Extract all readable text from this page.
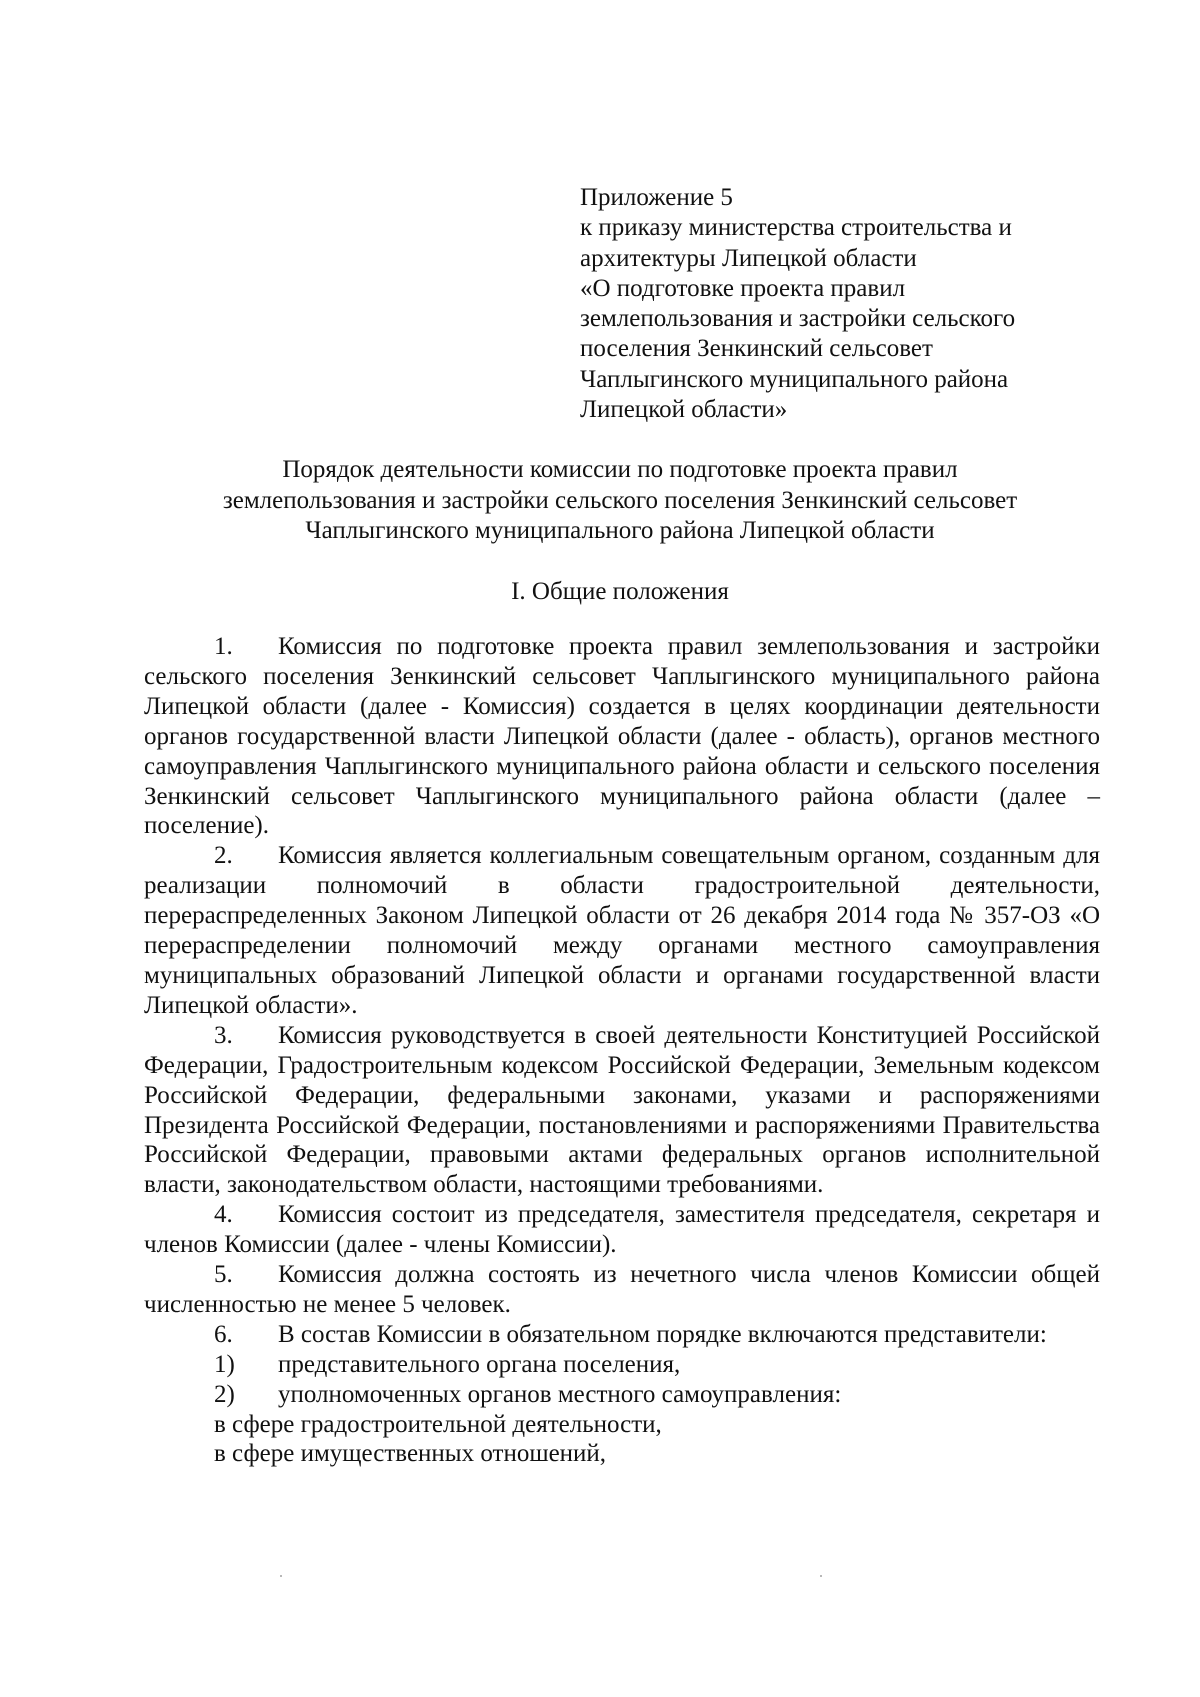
Приложение 5
к приказу министерства строительства и
архитектуры Липецкой области
«О подготовке проекта правил
землепользования и застройки сельского
поселения Зенкинский сельсовет
Чаплыгинского муниципального района
Липецкой области»
Порядок деятельности комиссии по подготовке проекта правил
землепользования и застройки сельского поселения Зенкинский сельсовет
Чаплыгинского муниципального района Липецкой области
I. Общие положения

1. Комиссия по подготовке проекта правил землепользования и застройки сельского поселения Зенкинский сельсовет Чаплыгинского муниципального района Липецкой области (далее - Комиссия) создается в целях координации деятельности органов государственной власти Липецкой области (далее - область), органов местного самоуправления Чаплыгинского муниципального района области и сельского поселения Зенкинский сельсовет Чаплыгинского муниципального района области (далее – поселение).

2. Комиссия является коллегиальным совещательным органом, созданным для реализации полномочий в области градостроительной деятельности, перераспределенных Законом Липецкой области от 26 декабря 2014 года № 357-ОЗ «О перераспределении полномочий между органами местного самоуправления муниципальных образований Липецкой области и органами государственной власти Липецкой области».

3. Комиссия руководствуется в своей деятельности Конституцией Российской Федерации, Градостроительным кодексом Российской Федерации, Земельным кодексом Российской Федерации, федеральными законами, указами и распоряжениями Президента Российской Федерации, постановлениями и распоряжениями Правительства Российской Федерации, правовыми актами федеральных органов исполнительной власти, законодательством области, настоящими требованиями.

4. Комиссия состоит из председателя, заместителя председателя, секретаря и членов Комиссии (далее - члены Комиссии).

5. Комиссия должна состоять из нечетного числа членов Комиссии общей численностью не менее 5 человек.

6. В состав Комиссии в обязательном порядке включаются представители:

1) представительного органа поселения,

2) уполномоченных органов местного самоуправления:

в сфере градостроительной деятельности,

в сфере имущественных отношений,
